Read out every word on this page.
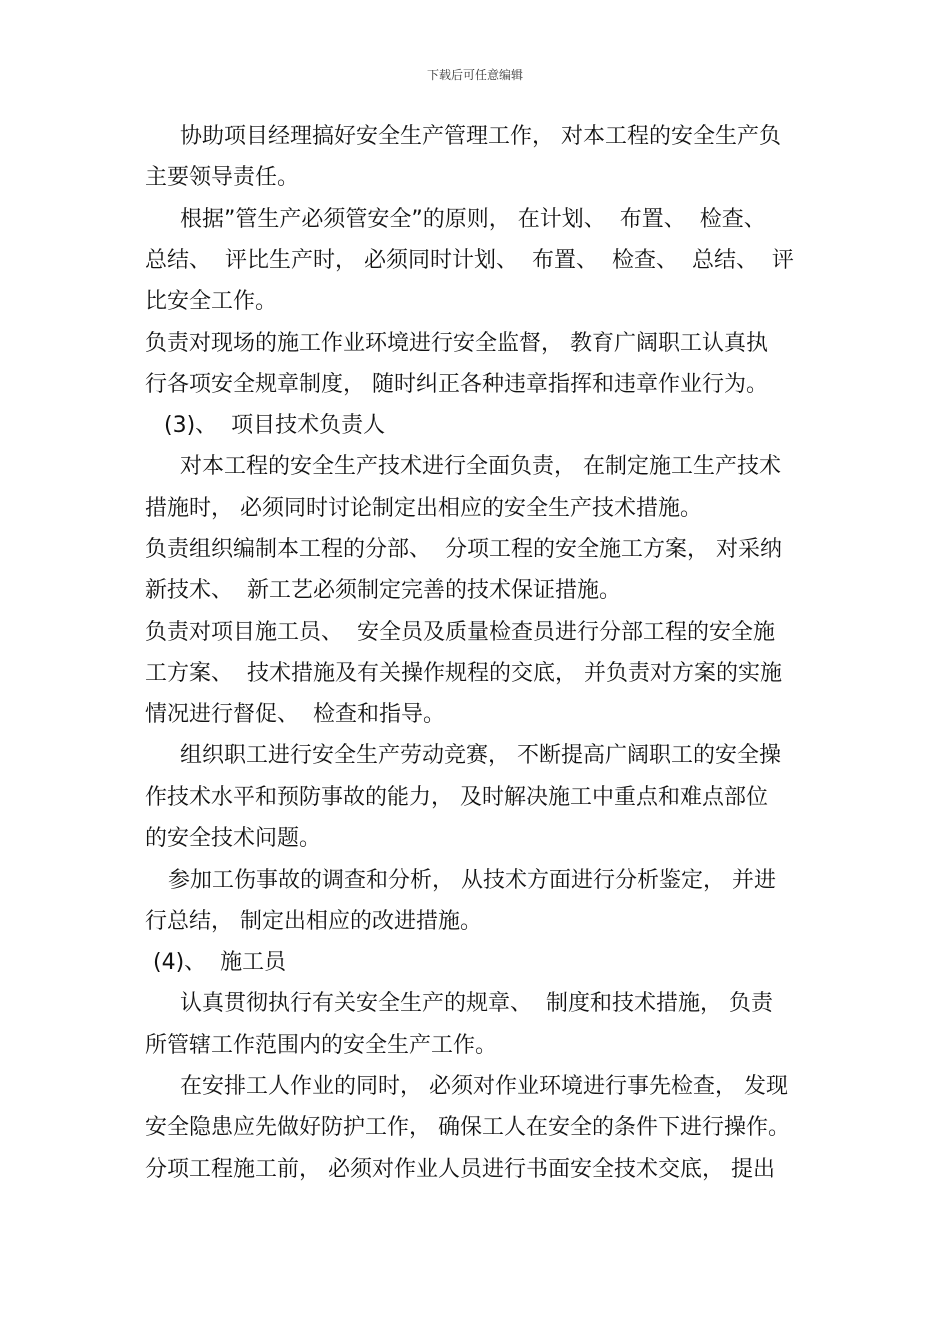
下载后可任意编辑
协助项目经理搞好安全生产管理工作， 对本工程的安全生产负
主要领导责任。
根据”管生产必须管安全”的原则， 在计划、  布置、  检查、
总结、  评比生产时， 必须同时计划、  布置、  检查、  总结、  评
比安全工作。
负责对现场的施工作业环境进行安全监督， 教育广阔职工认真执
行各项安全规章制度， 随时纠正各种违章指挥和违章作业行为。
(3)、  项目技术负责人
对本工程的安全生产技术进行全面负责， 在制定施工生产技术
措施时， 必须同时讨论制定出相应的安全生产技术措施。
负责组织编制本工程的分部、  分项工程的安全施工方案， 对采纳
新技术、  新工艺必须制定完善的技术保证措施。
负责对项目施工员、  安全员及质量检查员进行分部工程的安全施
工方案、  技术措施及有关操作规程的交底， 并负责对方案的实施
情况进行督促、  检查和指导。
组织职工进行安全生产劳动竞赛， 不断提高广阔职工的安全操
作技术水平和预防事故的能力， 及时解决施工中重点和难点部位
的安全技术问题。
参加工伤事故的调查和分析， 从技术方面进行分析鉴定， 并进
行总结， 制定出相应的改进措施。
(4)、  施工员
认真贯彻执行有关安全生产的规章、  制度和技术措施， 负责
所管辖工作范围内的安全生产工作。
在安排工人作业的同时， 必须对作业环境进行事先检查， 发现
安全隐患应先做好防护工作， 确保工人在安全的条件下进行操作。
分项工程施工前， 必须对作业人员进行书面安全技术交底， 提出
